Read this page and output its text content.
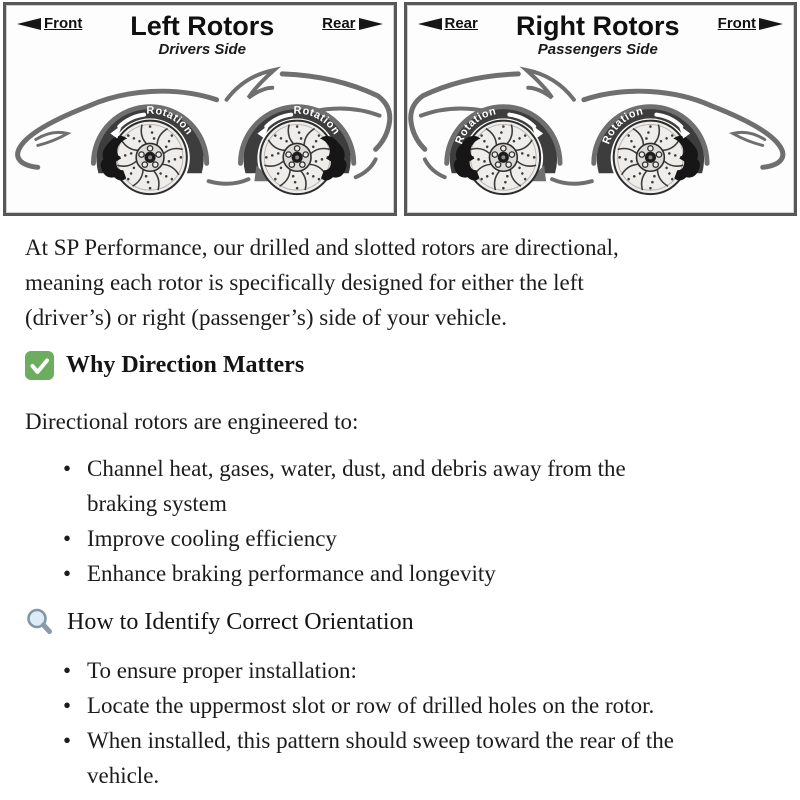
Front Left Rotors
Drivers Side
Rear
Rotation
Rotation
Rear Right Rotors
Passengers Side
Front
Rotation
Rotation
At SP Performance, our drilled and slotted rotors are directional,
meaning each rotor is specifically designed for either the left
(driver’s) or right (passenger’s) side of your vehicle.
Why Direction Matters
Directional rotors are engineered to:
• Channel heat, gases, water, dust, and debris away from the
braking system
• Improve cooling efficiency
• Enhance braking performance and longevity
How to Identify Correct Orientation
• To ensure proper installation:
• Locate the uppermost slot or row of drilled holes on the rotor.
• When installed, this pattern should sweep toward the rear of the
vehicle.
